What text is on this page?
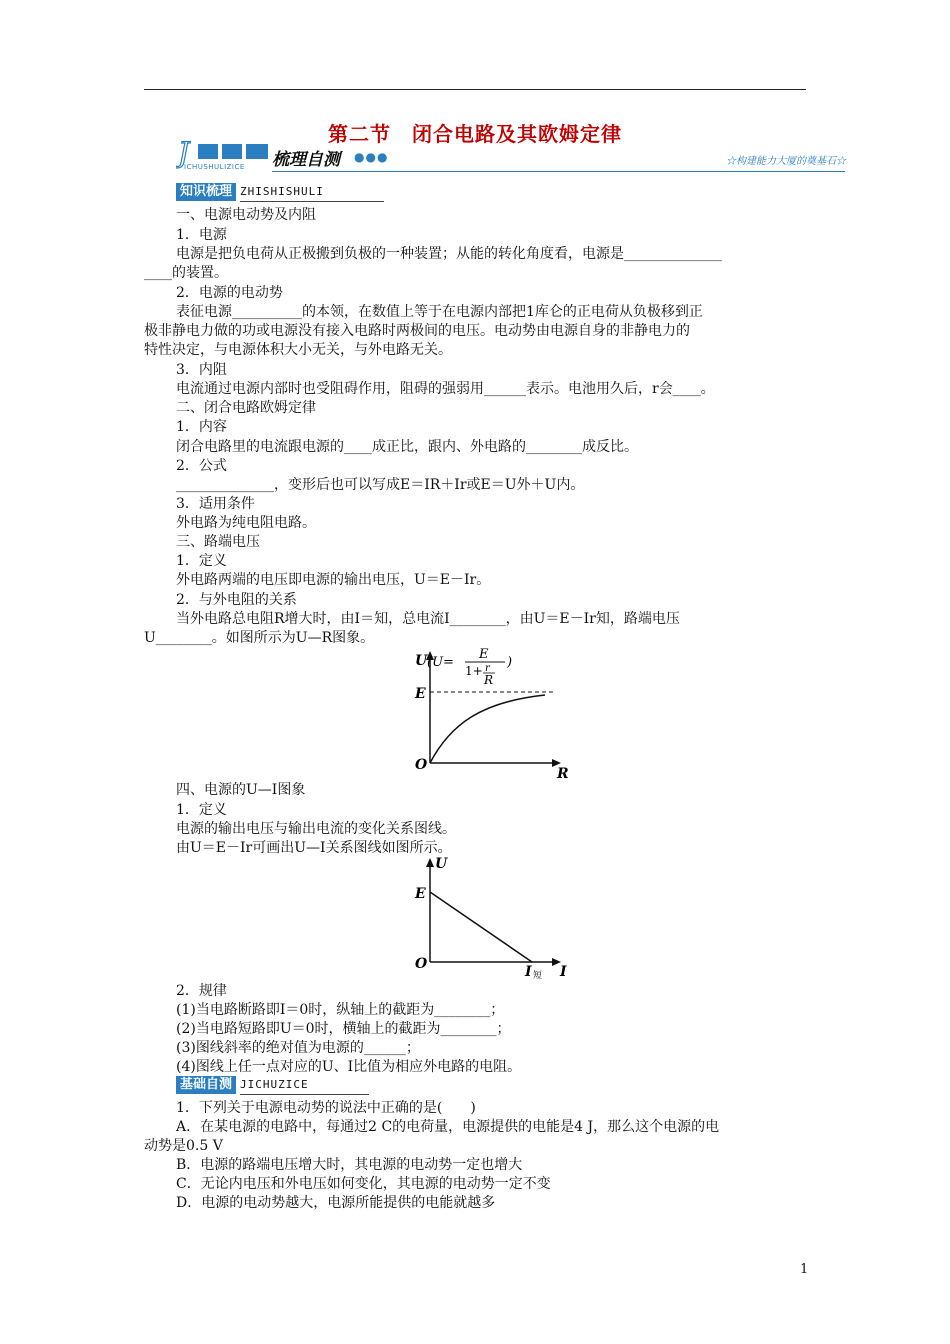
第二节　闭合电路及其欧姆定律
J
ICHUSHULIZICE 梳理自测 ●●●	☆构建能力大厦的奠基石☆
知识梳理 ZHISHISHULI
一、电源电动势及内阻
1．电源
电源是把负电荷从正极搬到负极的一种装置；从能的转化角度看，电源是______________
____的装置。
2．电源的电动势
表征电源__________的本领，在数值上等于在电源内部把1库仑的正电荷从负极移到正
极非静电力做的功或电源没有接入电路时两极间的电压。电动势由电源自身的非静电力的
特性决定，与电源体积大小无关，与外电路无关。
3．内阻
电流通过电源内部时也受阻碍作用，阻碍的强弱用______表示。电池用久后，r会____。
二、闭合电路欧姆定律
1．内容
闭合电路里的电流跟电源的____成正比，跟内、外电路的________成反比。
2．公式
______________，变形后也可以写成E＝IR＋Ir或E＝U外＋U内。
3．适用条件
外电路为纯电阻电路。
三、路端电压
1．定义
外电路两端的电压即电源的输出电压，U＝E－Ir。
2．与外电阻的关系
当外电路总电阻R增大时，由I＝知，总电流I________，由U＝E－Ir知，路端电压
U________。如图所示为U—R图象。
U (U=
E
1+ r
R
)
E
O
R
四、电源的U—I图象
1．定义
电源的输出电压与输出电流的变化关系图线。
由U＝E－Ir可画出U—I关系图线如图所示。
U
E
O	I 短 I
2．规律
(1)当电路断路即I＝0时，纵轴上的截距为________；
(2)当电路短路即U＝0时，横轴上的截距为________；
(3)图线斜率的绝对值为电源的______；
(4)图线上任一点对应的U、I比值为相应外电路的电阻。
基础自测 JICHUZICE
1．下列关于电源电动势的说法中正确的是(　　)
A．在某电源的电路中，每通过2 C的电荷量，电源提供的电能是4 J，那么这个电源的电
动势是0.5 V
B．电源的路端电压增大时，其电源的电动势一定也增大
C．无论内电压和外电压如何变化，其电源的电动势一定不变
D．电源的电动势越大，电源所能提供的电能就越多
1
